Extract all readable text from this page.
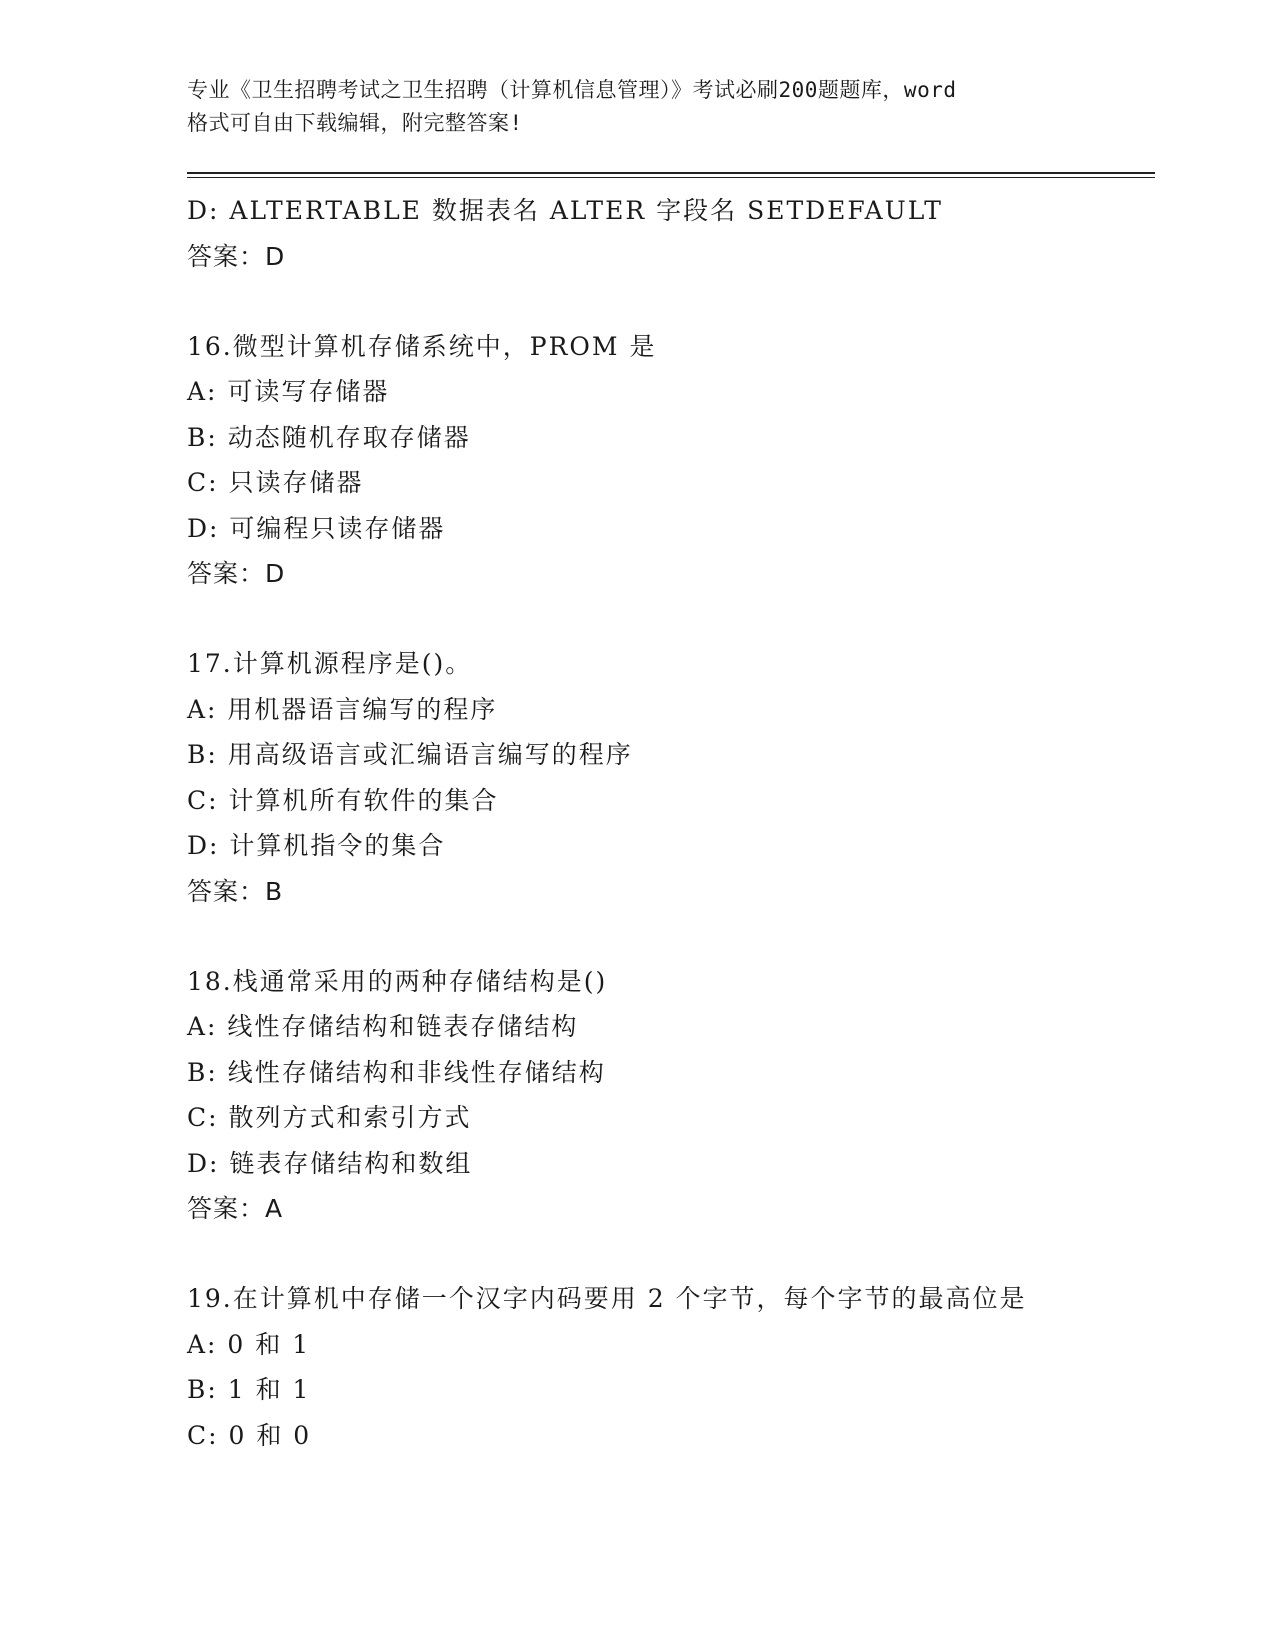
专业《卫生招聘考试之卫生招聘（计算机信息管理）》考试必刷200题题库，word
格式可自由下载编辑，附完整答案!
D: ALTERTABLE 数据表名 ALTER 字段名 SETDEFAULT
答案：D
16.微型计算机存储系统中，PROM 是
A: 可读写存储器
B: 动态随机存取存储器
C: 只读存储器
D: 可编程只读存储器
答案：D
17.计算机源程序是()。
A: 用机器语言编写的程序
B: 用高级语言或汇编语言编写的程序
C: 计算机所有软件的集合
D: 计算机指令的集合
答案：B
18.栈通常采用的两种存储结构是()
A: 线性存储结构和链表存储结构
B: 线性存储结构和非线性存储结构
C: 散列方式和索引方式
D: 链表存储结构和数组
答案：A
19.在计算机中存储一个汉字内码要用 2 个字节，每个字节的最高位是
A: 0 和 1
B: 1 和 1
C: 0 和 0
